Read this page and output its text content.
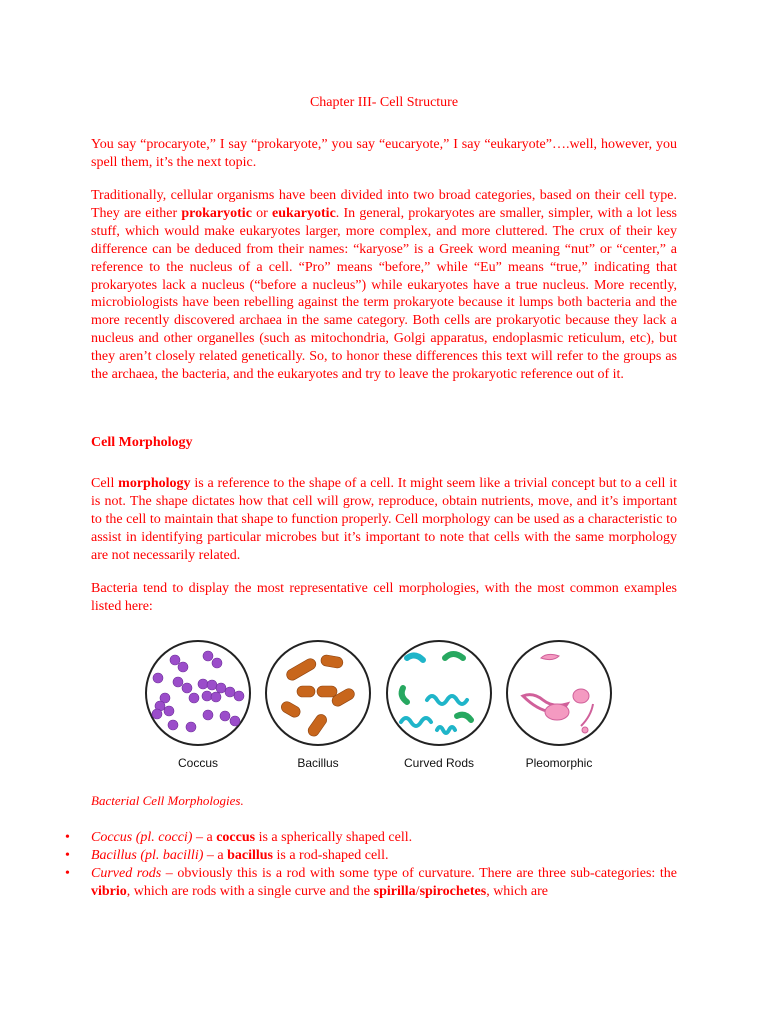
Chapter III- Cell Structure

You say “procaryote,” I say “prokaryote,” you say “eucaryote,” I say “eukaryote”….well, however, you spell them, it’s the next topic.

Traditionally, cellular organisms have been divided into two broad categories, based on their cell type. They are either prokaryotic or eukaryotic. In general, prokaryotes are smaller, simpler, with a lot less stuff, which would make eukaryotes larger, more complex, and more cluttered. The crux of their key difference can be deduced from their names: “karyose” is a Greek word meaning “nut” or “center,” a reference to the nucleus of a cell. “Pro” means “before,” while “Eu” means “true,” indicating that prokaryotes lack a nucleus (“before a nucleus”) while eukaryotes have a true nucleus. More recently, microbiologists have been rebelling against the term prokaryote because it lumps both bacteria and the more recently discovered archaea in the same category. Both cells are prokaryotic because they lack a nucleus and other organelles (such as mitochondria, Golgi apparatus, endoplasmic reticulum, etc), but they aren’t closely related genetically. So, to honor these differences this text will refer to the groups as the archaea, the bacteria, and the eukaryotes and try to leave the prokaryotic reference out of it.

Cell Morphology

Cell morphology is a reference to the shape of a cell. It might seem like a trivial concept but to a cell it is not. The shape dictates how that cell will grow, reproduce, obtain nutrients, move, and it’s important to the cell to maintain that shape to function properly. Cell morphology can be used as a characteristic to assist in identifying particular microbes but it’s important to note that cells with the same morphology are not necessarily related.

Bacteria tend to display the most representative cell morphologies, with the most common examples listed here:

Coccus	Bacillus	Curved Rods	Pleomorphic
Bacterial Cell Morphologies.
• Coccus (pl. cocci) – a coccus is a spherically shaped cell.
• Bacillus (pl. bacilli) – a bacillus is a rod-shaped cell.
• Curved rods – obviously this is a rod with some type of curvature. There are three sub-categories: the vibrio, which are rods with a single curve and the spirilla/spirochetes, which are
